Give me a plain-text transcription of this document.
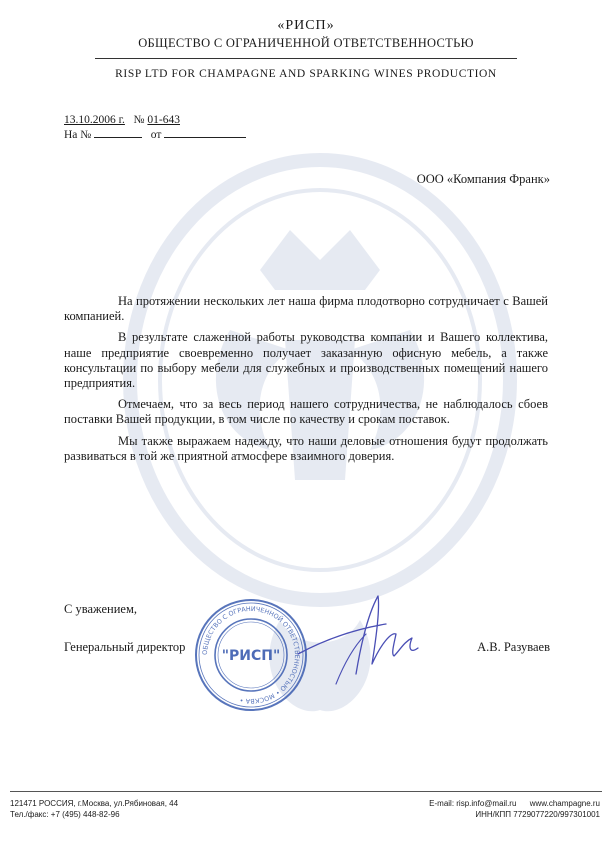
«РИСП»
ОБЩЕСТВО С ОГРАНИЧЕННОЙ ОТВЕТСТВЕННОСТЬЮ
RISP LTD FOR CHAMPAGNE AND SPARKING WINES PRODUCTION
13.10.2006 г. № 01-643
На №	от
ООО «Компания Франк»

На протяжении нескольких лет наша фирма плодотворно сотрудничает с Вашей компанией.

В результате слаженной работы руководства компании и Вашего коллектива, наше предприятие своевременно получает заказанную офисную мебель, а также консультации по выбору мебели для служебных и производственных помещений нашего предприятия.

Отмечаем, что за весь период нашего сотрудничества, не наблюдалось сбоев поставки Вашей продукции, в том числе по качеству и срокам поставок.

Мы также выражаем надежду, что наши деловые отношения будут продолжать развиваться в той же приятной атмосфере взаимного доверия.

С уважением,
Генеральный директор	А.В. Разуваев
ОБЩЕСТВО С ОГРАНИЧЕННОЙ ОТВЕТСТВЕННОСТЬЮ • МОСКВА •
"РИСП"
121471 РОССИЯ, г.Москва, ул.Рябиновая, 44
Тел./факс: +7 (495) 448-82-96
E-mail: risp.info@mail.ru      www.champagne.ru
ИНН/КПП 7729077220/997301001
